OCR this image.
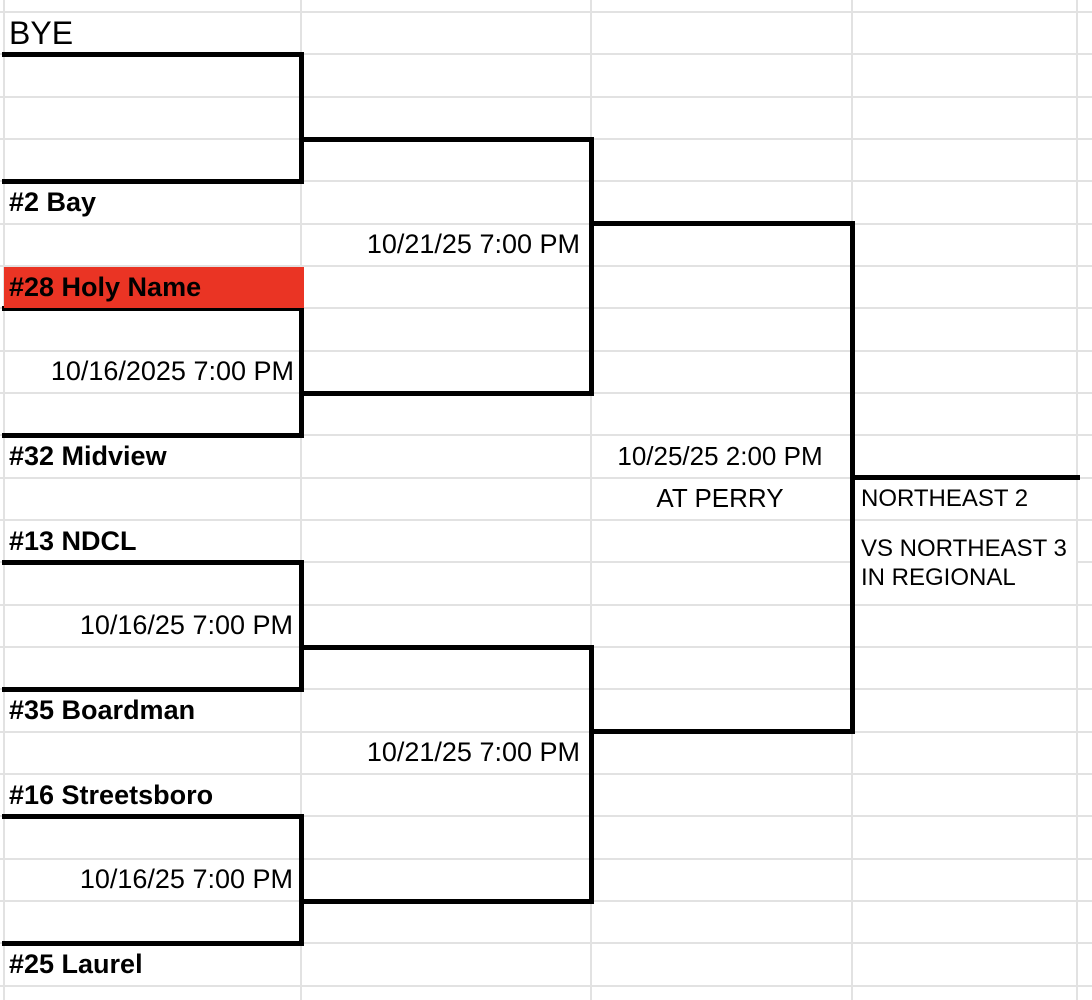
BYE
#2 Bay
#28 Holy Name
#32 Midview
#13 NDCL
#35 Boardman
#16 Streetsboro
#25 Laurel
10/16/2025 7:00 PM
10/16/25 7:00 PM
10/16/25 7:00 PM
10/21/25 7:00 PM
10/21/25 7:00 PM
10/25/25 2:00 PM
AT PERRY	NORTHEAST 2
VS NORTHEAST 3 IN REGIONAL
